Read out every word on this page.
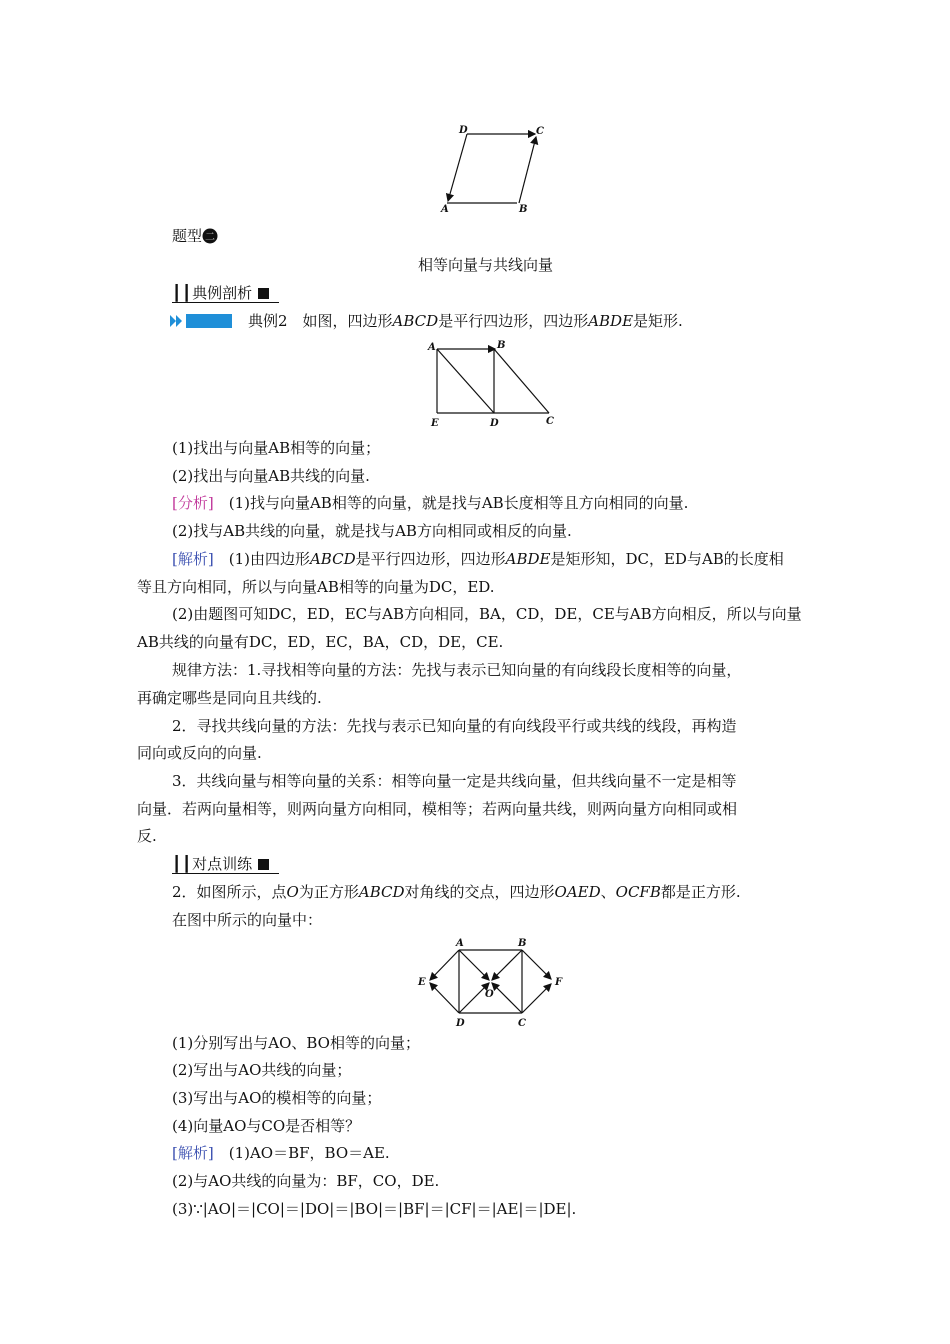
D	C
A	B
题型 二
相等向量与共线向量
┃┃典例剖析
典例2　如图，四边形ABCD是平行四边形，四边形ABDE是矩形.
A	B
E	D	C
(1)找出与向量AB相等的向量；
(2)找出与向量AB共线的向量.
[分析]　(1)找与向量AB相等的向量，就是找与AB长度相等且方向相同的向量.
(2)找与AB共线的向量，就是找与AB方向相同或相反的向量.
[解析]　(1)由四边形ABCD是平行四边形，四边形ABDE是矩形知，DC，ED与AB的长度相
等且方向相同，所以与向量AB相等的向量为DC，ED.
(2)由题图可知DC，ED，EC与AB方向相同，BA，CD，DE，CE与AB方向相反，所以与向量
AB共线的向量有DC，ED，EC，BA，CD，DE，CE.
规律方法：1.寻找相等向量的方法：先找与表示已知向量的有向线段长度相等的向量，
再确定哪些是同向且共线的.
2．寻找共线向量的方法：先找与表示已知向量的有向线段平行或共线的线段，再构造
同向或反向的向量.
3．共线向量与相等向量的关系：相等向量一定是共线向量，但共线向量不一定是相等
向量．若两向量相等，则两向量方向相同，模相等；若两向量共线，则两向量方向相同或相
反.
┃┃对点训练
2．如图所示，点O为正方形ABCD对角线的交点，四边形OAED、OCFB都是正方形.
在图中所示的向量中：
A	B
E
O
F
D	C
(1)分别写出与AO、BO相等的向量；
(2)写出与AO共线的向量；
(3)写出与AO的模相等的向量；
(4)向量AO与CO是否相等？
[解析]　(1)AO＝BF，BO＝AE.
(2)与AO共线的向量为：BF，CO，DE.
(3)∵|AO|＝|CO|＝|DO|＝|BO|＝|BF|＝|CF|＝|AE|＝|DE|.
